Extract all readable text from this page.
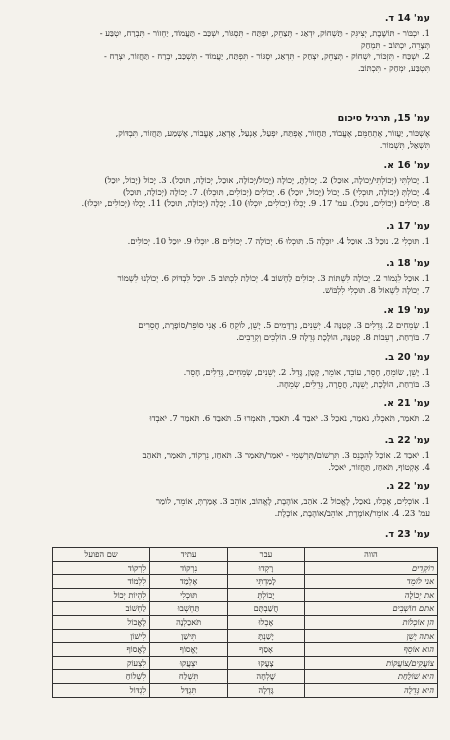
עמ' 14 ד.
1. יִכְבּוֹר - תּוֹשֶׁבֶת, יְצִיגִּק - תַּשְׁחוֹק, יִדְאַג - תְּצַחֵק, יִפְתַּח - תִּסְגּוֹר, יִשְׁכַּב - תַּעֲמוֹד, יַחְזוֹר - תִּבְרַח, יִטְבַּע -
תְּצָרֵה, יִכְתּוֹב - תִּמְחַק
2. יִשְׁכַּח - תִּזְכּוֹר, יִשְׁחוֹק - תְּצַחֵק, יִצְחַק - תִּדְאַג, יִסְגּוֹר - תִּפְתַּח, יַעֲמוֹד - תִּשְׁכַּב, יִבְרַח - תַּחֲזוֹר, יִצְרַח -
תִּטְבַּע, יִמְחַק - תִּכְתּוֹב.
עמ' 15, תרגיל סיכום
אֶשְׁכּוֹר, יַעֲזוֹר, אֶתְחַמֵּם, אֶעֱבוֹד, תַּחֲזוֹר, אֶפְתַּח, יִפְעַל, אֶנְעַל, אֶדְאַג, אֶעֱבוֹר, אֶשְׁמַע, תַּחֲזוֹר, תִּבְדּוֹק,
תִּשְׁאַל, תִּשְׁמוֹר.
עמ' 16 א.
1. יָכוֹלְתִּי (יְכוֹלְתִּי/יְכוֹלָה, אוּכַל) 2. יָכוֹלְתָּ, יָכוֹלָה (יָכוֹל/יְכוֹלָה, אוּכַל, יְכוֹלָה, תּוּכַל). 3. יָכוֹל (יָכוֹל, יוּכַל)
4. יָכוֹלְתְּ (יְכוֹלָה, תּוּכְלִי) 5. יָכוֹל (יָכוֹל, יוּכַל) 6. יְכוֹלִים (יְכוֹלִים, תּוּכְלוּ). 7. יָכוֹלָה (יְכוֹלָה, תּוּכַל)
8. יְכוֹלִים (יְכוֹלִים, נוּכַל). עמ' 17. 9. יָכְלוּ (יְכוֹלִים, יוּכְלוּ) 10. יָכְלָה (יְכוֹלָה, תּוּכַל) 11. יָכְלוּ (יְכוֹלִים, יוּכְלוּ).
עמ' 17 ג.
1. תּוּכְלִי 2. נוּכַל 3. אוּכַל 4. יוּכְלָה 5. תּוּכְלוּ 6. יְכוֹלָה 7. יְכוֹלִים 8. יוּכְלוּ 9. יוּכַל 10. יְכוֹלִים.
עמ' 18 ג.
1. אוּכַל לִגְמוֹר 2. יְכוֹלָה לִשְׁתּוֹת 3. יְכוֹלִים לַחְשׁוֹב 4. יְכוֹלַת לִכְתּוֹב 5. יוּכַל לִבְדּוֹק 6. יְכוֹלְנוּ לִשְׁמוֹר
7. יְכוֹלָה לִשְׁאוֹל 8. תּוּכְלִי לִלְבּוֹשׁ.
עמ' 19 א.
1. שְׂמֵחִים 2. גְּדֵלִים 3. קְטַנָּה 4. יְשֵׁנִים, נִרְדָּמִים 5. יָשֵׁן, לוֹקֵחַ 6. אֲנִי סוֹפֵר/סוֹפֶרֶת, חֲסֵרִים
7. בּוֹרַחַת, רְעֵבוֹת 8. קְטַנָּה, הוֹלֶכֶת גְּדֵלָה 9. הוֹלְכִים וְקְרֵבִים.
עמ' 20 ב.
1. יָשֵׁן, שׂוֹמֵחַ, חָסֵר, עוֹבֵד, אוֹמֵר, קָטָן, גָּדֵל. 2. יְשֵׁנִים, שְׂמֵחִים, גְּדֵלִים, חָסֵר.
3. בּוֹרַחַת, הוֹלֶכֶת, יְשֵׁנָה, חֲסֵרָה, גְּדֵלִים, שְׂמֵחָה.
עמ' 21 א.
2. תֹּאמַר, תֹּאכְלוּ, נֹאמַר, נֹאכַל 3. יֹאבַד 4. תֹּאבַד, תֹּאמְרוּ 5. תֹּאבַד 6. תֹּאמַר 7. יֹאבְדוּ
עמ' 22 ב.
1. יֹאבַד 2. אוֹכַל לְהִכָּנֵס 3. תִּרְשׁוֹם/תִּרְשְׁמִי - יֹאמַר/תֹּאמַר 3. תֹּאחַז, נִרְקוֹד, תֹּאמַר, תֹּאהַב
4. אֶקְטוֹף, תֹּאחַז, תַּחֲזוֹר, יֹאכַל.
עמ' 22 ג.
1. אוֹכְלִים, אָכְלוּ, נֹאכַל, לֶאֱכוֹל 2. אֹהַב, אוֹהֶבֶת, לֶאֱהוֹב, אוֹהֵב 3. אָמַרְתְּ, אוֹמֵר, לוֹמַר
עמ' 23. 4. אוֹמֵר/אוֹמֶרֶת, אוֹהֵב/אוֹהֶבֶת, אוֹכֶלֶת.
עמ' 23 ד.
הווה	עבר	עתיד	שם הפועל
רוֹקְדִים	רָקְדוּ	נִרְקוֹד	לִרְקוֹד
אני לוֹמֵד	לָמַדְתִּי	אֶלְמַד	לִלְמוֹד
את יְכוֹלָה	יָכוֹלְתְּ	תּוּכְלִי	לִהְיוֹת יְכוֹל
אתם חוֹשְׁבִים	חֲשַׁבְתֶּם	תַּחְשְׁבוּ	לַחְשׁוֹב
הן אוֹכְלוֹת	אָכְלוּ	תֹּאכַלְנָה	לֶאֱכוֹל
אתה יָשֵׁן	יָשַׁנְתָּ	תִּישַׁן	לִישׁוֹן
הוא אוֹסֵף	אָסַף	יֶאֱסוֹף	לֶאֱסוֹף
צוֹעֲקִים/צוֹעֲקוֹת	צָעֲקוּ	יִצְעֲקוּ	לִצְעוֹק
היא שׁוֹלַחַת	שָׁלְחָה	תִּשְׁלַח	לִשְׁלוֹחַ
היא גְּדֵלָה	גָּדְלָה	תִּגְדַּל	לִגְדּוֹל
